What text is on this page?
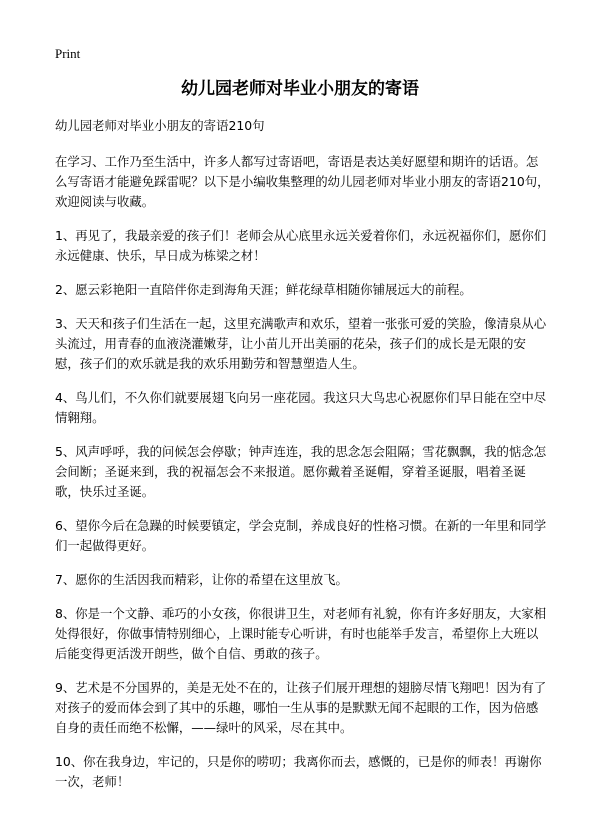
Print
幼儿园老师对毕业小朋友的寄语

幼儿园老师对毕业小朋友的寄语210句

在学习、工作乃至生活中，许多人都写过寄语吧，寄语是表达美好愿望和期许的话语。怎么写寄语才能避免踩雷呢？以下是小编收集整理的幼儿园老师对毕业小朋友的寄语210句，欢迎阅读与收藏。

1、再见了，我最亲爱的孩子们！老师会从心底里永远关爱着你们，永远祝福你们，愿你们永远健康、快乐，早日成为栋梁之材！

2、愿云彩艳阳一直陪伴你走到海角天涯；鲜花绿草相随你铺展远大的前程。

3、天天和孩子们生活在一起，这里充满歌声和欢乐，望着一张张可爱的笑脸，像清泉从心头流过，用青春的血液浇灌嫩芽，让小苗儿开出美丽的花朵，孩子们的成长是无限的安慰，孩子们的欢乐就是我的欢乐用勤劳和智慧塑造人生。

4、鸟儿们，不久你们就要展翅飞向另一座花园。我这只大鸟忠心祝愿你们早日能在空中尽情翱翔。

5、风声呼呼，我的问候怎会停歇；钟声连连，我的思念怎会阻隔；雪花飘飘，我的惦念怎会间断；圣诞来到，我的祝福怎会不来报道。愿你戴着圣诞帽，穿着圣诞服，唱着圣诞歌，快乐过圣诞。

6、望你今后在急躁的时候要镇定，学会克制，养成良好的性格习惯。在新的一年里和同学们一起做得更好。

7、愿你的生活因我而精彩，让你的希望在这里放飞。

8、你是一个文静、乖巧的小女孩，你很讲卫生，对老师有礼貌，你有许多好朋友，大家相处得很好，你做事情特别细心，上课时能专心听讲，有时也能举手发言，希望你上大班以后能变得更活泼开朗些，做个自信、勇敢的孩子。

9、艺术是不分国界的，美是无处不在的，让孩子们展开理想的翅膀尽情飞翔吧！因为有了对孩子的爱而体会到了其中的乐趣，哪怕一生从事的是默默无闻不起眼的工作，因为倍感自身的责任而绝不松懈，——绿叶的风采，尽在其中。

10、你在我身边，牢记的，只是你的唠叨；我离你而去，感慨的，已是你的师表！再谢你一次，老师！
